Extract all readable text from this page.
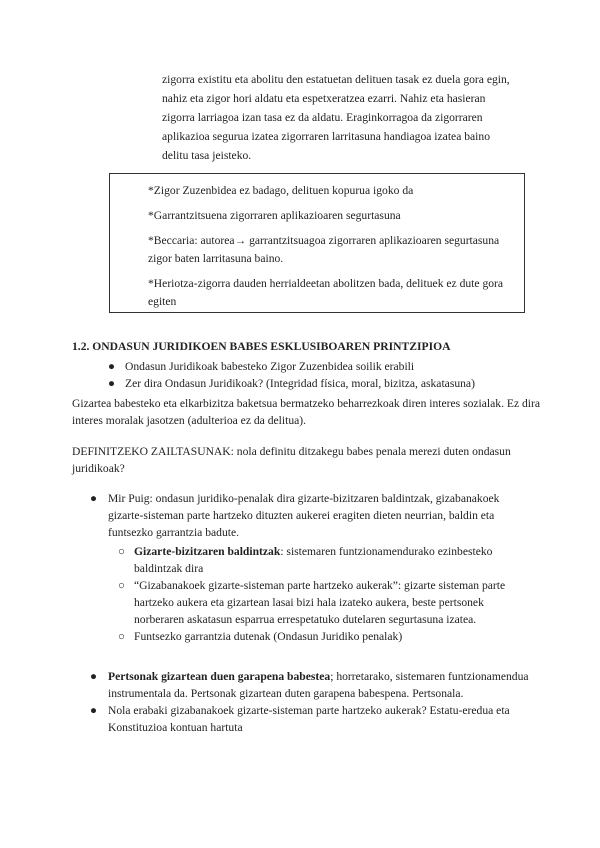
zigorra existitu eta abolitu den estatuetan delituen tasak ez duela gora egin,
nahiz eta zigor hori aldatu eta espetxeratzea ezarri. Nahiz eta hasieran
zigorra larriagoa izan tasa ez da aldatu. Eraginkorragoa da zigorraren
aplikazioa segurua izatea zigorraren larritasuna handiagoa izatea baino
delitu tasa jeisteko.

*Zigor Zuzenbidea ez badago, delituen kopurua igoko da

*Garrantzitsuena zigorraren aplikazioaren segurtasuna

*Beccaria: autorea→ garrantzitsuagoa zigorraren aplikazioaren segurtasuna zigor baten larritasuna baino.

*Heriotza-zigorra dauden herrialdeetan abolitzen bada, delituek ez dute gora egiten

1.2. ONDASUN JURIDIKOEN BABES ESKLUSIBOAREN PRINTZIPIOA
● Ondasun Juridikoak babesteko Zigor Zuzenbidea soilik erabili
● Zer dira Ondasun Juridikoak? (Integridad física, moral, bizitza, askatasuna)
Gizartea babesteko eta elkarbizitza baketsua bermatzeko beharrezkoak diren interes sozialak. Ez dira interes moralak jasotzen (adulterioa ez da delitua).
DEFINITZEKO ZAILTASUNAK: nola definitu ditzakegu babes penala merezi duten ondasun juridikoak?
● Mir Puig: ondasun juridiko-penalak dira gizarte-bizitzaren baldintzak, gizabanakoek gizarte-sisteman parte hartzeko dituzten aukerei eragiten dieten neurrian, baldin eta funtsezko garrantzia badute.
○ Gizarte-bizitzaren baldintzak: sistemaren funtzionamendurako ezinbesteko baldintzak dira
○ “Gizabanakoek gizarte-sisteman parte hartzeko aukerak”: gizarte sisteman parte hartzeko aukera eta gizartean lasai bizi hala izateko aukera, beste pertsonek norberaren askatasun esparrua errespetatuko dutelaren segurtasuna izatea.
○ Funtsezko garrantzia dutenak (Ondasun Juridiko penalak)
● Pertsonak gizartean duen garapena babestea; horretarako, sistemaren funtzionamendua instrumentala da. Pertsonak gizartean duten garapena babespena. Pertsonala.
● Nola erabaki gizabanakoek gizarte-sisteman parte hartzeko aukerak? Estatu-eredua eta Konstituzioa kontuan hartuta
